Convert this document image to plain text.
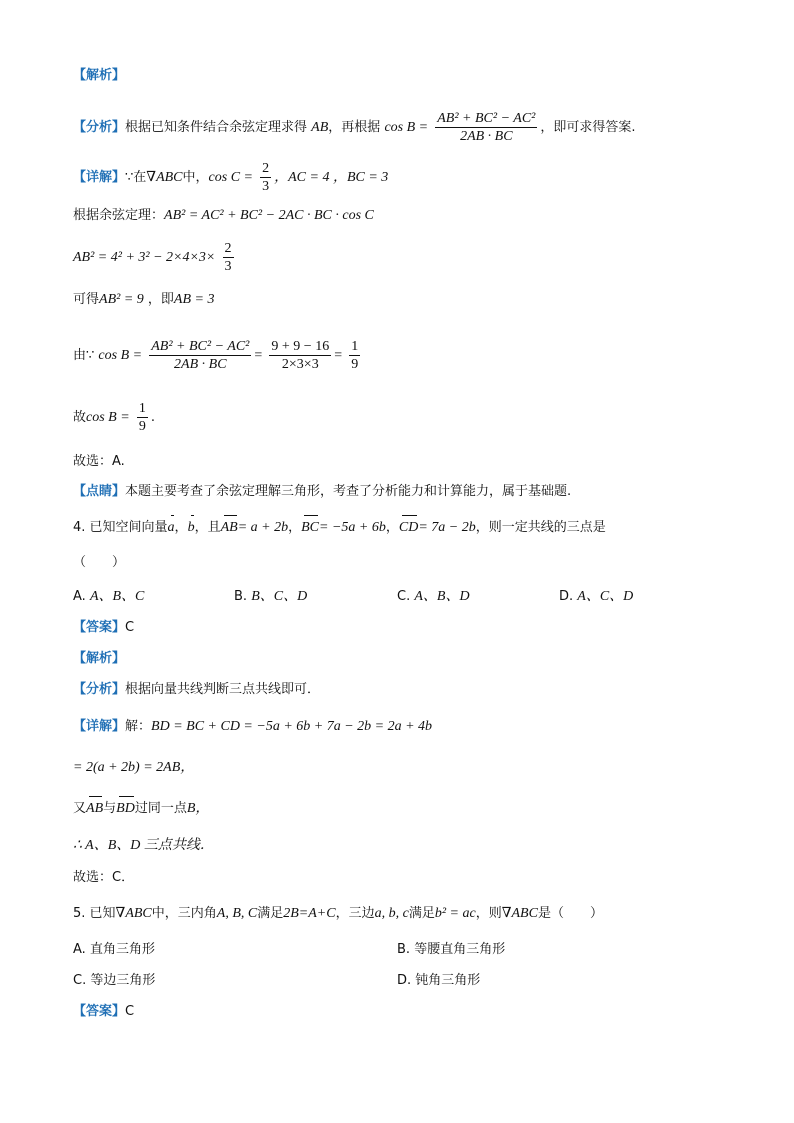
【解析】
【分析】根据已知条件结合余弦定理求得 AB，再根据 $\cos B = \frac{\text{AB² + BC² − AC²}}{2AB \cdot BC}$ ，即可求得答案.
【详解】∵在∇ABC中，$\cos C = \frac{2}{3}$ ，AC = 4 ，BC = 3
根据余弦定理：AB² = AC² + BC² − 2AC · BC · cos C
$AB^2 = 4^2 + 3^2 - 2\times 4\times 3\times \frac{2}{3}$
可得AB² = 9 ，即AB = 3
由∵ $\cos B = \frac{\text{AB² + BC² − AC²}}{2AB \cdot BC} = \frac{9 + 9 - 16}{2\times 3\times 3} = \frac{1}{9}$
故$\cos B = \frac{1}{9}$ .
故选：A.
【点睛】本题主要考查了余弦定理解三角形，考查了分析能力和计算能力，属于基础题.
4. 已知空间向量a，b，且AB= a + 2b，BC= −5a + 6b，CD= 7a − 2b，则一定共线的三点是
（　　）
A. A、B、C	B. B、C、D	C. A、B、D	D. A、C、D
【答案】C
【解析】
【分析】根据向量共线判断三点共线即可．
【详解】解：BD = BC + CD = −5a + 6b + 7a − 2b = 2a + 4b
= 2(a + 2b) = 2AB，
又AB与BD过同一点B，
∴ A、B、D 三点共线．
故选：C．
5. 已知∇ABC中，三内角A, B, C满足2B=A+C，三边a, b, c满足b² = ac，则∇ABC是（　　）
A. 直角三角形	B. 等腰直角三角形
C. 等边三角形	D. 钝角三角形
【答案】C
